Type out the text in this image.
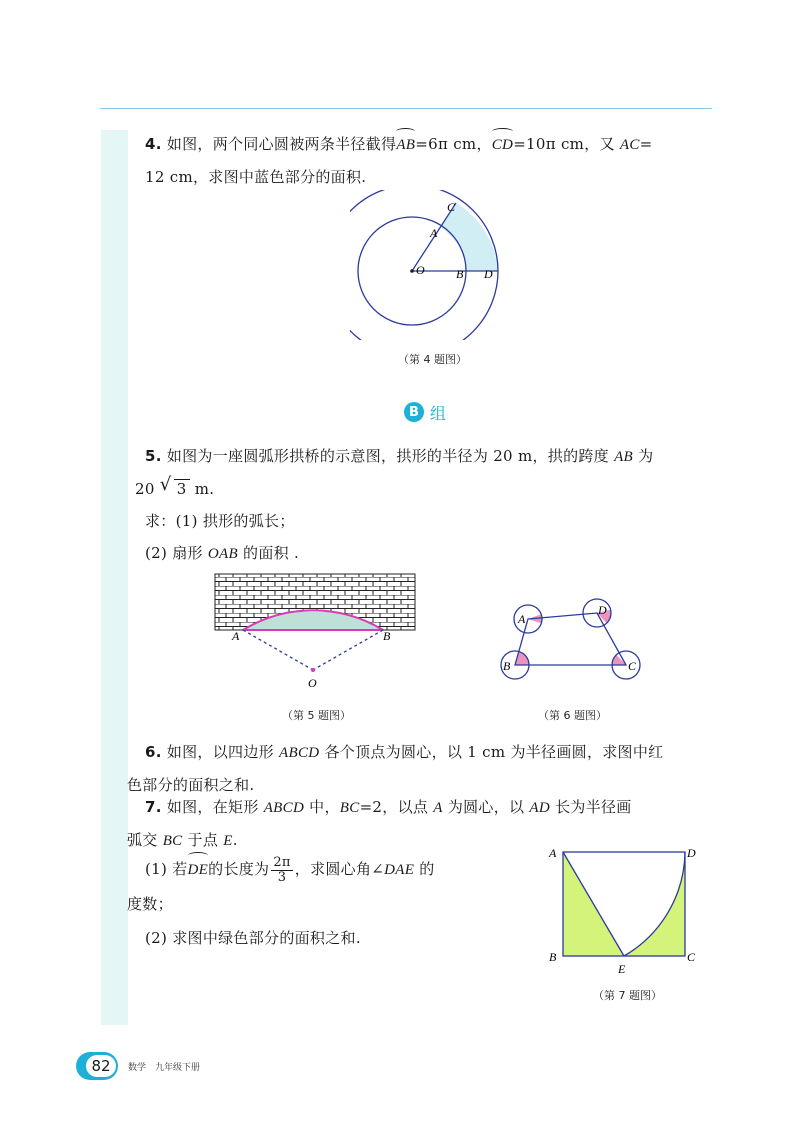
4. 如图，两个同心圆被两条半径截得AB=6π cm，CD=10π cm，又 AC=
12 cm，求图中蓝色部分的面积.
O
A
B
C
D
（第 4 题图）
B 组
5. 如图为一座圆弧形拱桥的示意图，拱形的半径为 20 m，拱的跨度 AB 为
20 √ 3 m.
求：(1) 拱形的弧长；
(2) 扇形 OAB 的面积 .
A	B
O
（第 5 题图）
A
B	C
D
（第 6 题图）
6. 如图，以四边形 ABCD 各个顶点为圆心，以 1 cm 为半径画圆，求图中红
色部分的面积之和.
7. 如图，在矩形 ABCD 中，BC=2，以点 A 为圆心，以 AD 长为半径画
弧交 BC 于点 E.
(1) 若DE的长度为 $\frac{2\pi}{3}$ ，求圆心角∠DAE 的
度数；
(2) 求图中绿色部分的面积之和.
A	D
B	C
E
（第 7 题图）
82	数学　九年级下册
